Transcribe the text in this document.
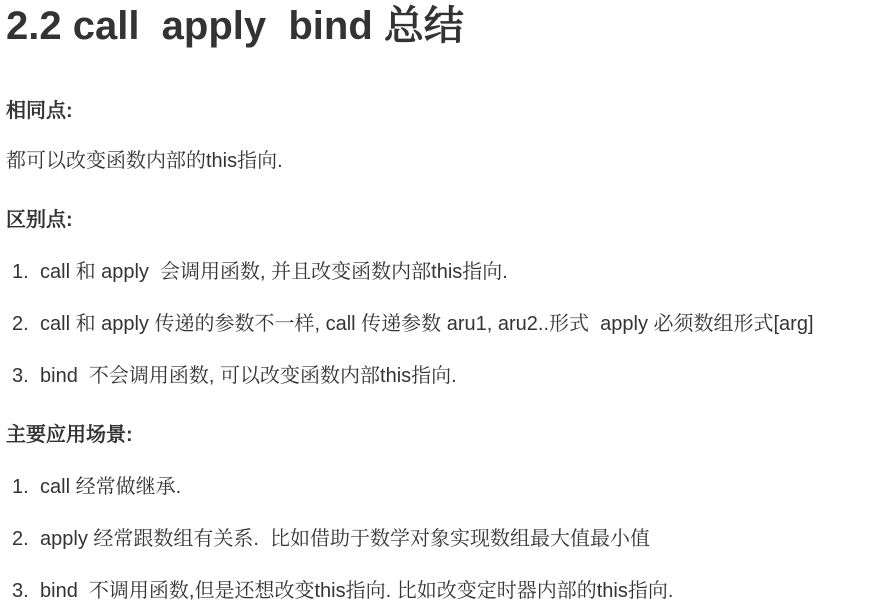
2.2 call  apply  bind 总结
相同点:

都可以改变函数内部的this指向.

区别点:
1. call 和 apply  会调用函数, 并且改变函数内部this指向.
2. call 和 apply 传递的参数不一样, call 传递参数 aru1, aru2..形式  apply 必须数组形式[arg]
3. bind  不会调用函数, 可以改变函数内部this指向.
主要应用场景:
1. call 经常做继承.
2. apply 经常跟数组有关系.  比如借助于数学对象实现数组最大值最小值
3. bind  不调用函数,但是还想改变this指向. 比如改变定时器内部的this指向.
